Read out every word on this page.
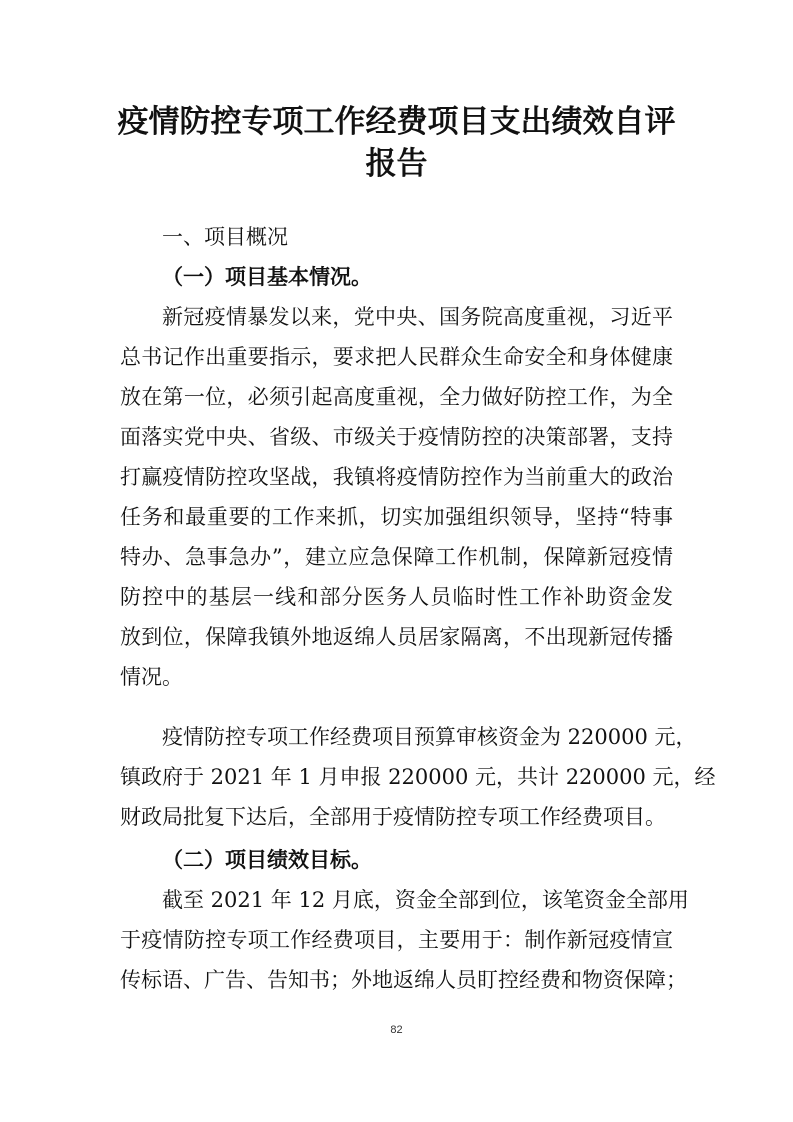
疫情防控专项工作经费项目支出绩效自评
报告

一、项目概况

（一）项目基本情况。

新冠疫情暴发以来，党中央、国务院高度重视，习近平

总书记作出重要指示，要求把人民群众生命安全和身体健康

放在第一位，必须引起高度重视，全力做好防控工作，为全

面落实党中央、省级、市级关于疫情防控的决策部署，支持

打赢疫情防控攻坚战，我镇将疫情防控作为当前重大的政治

任务和最重要的工作来抓，切实加强组织领导，坚持“特事

特办、急事急办”，建立应急保障工作机制，保障新冠疫情

防控中的基层一线和部分医务人员临时性工作补助资金发

放到位，保障我镇外地返绵人员居家隔离，不出现新冠传播

情况。

疫情防控专项工作经费项目预算审核资金为 220000 元，

镇政府于 2021 年 1 月申报 220000 元，共计 220000 元，经

财政局批复下达后，全部用于疫情防控专项工作经费项目。

（二）项目绩效目标。

截至 2021 年 12 月底，资金全部到位，该笔资金全部用

于疫情防控专项工作经费项目，主要用于：制作新冠疫情宣

传标语、广告、告知书；外地返绵人员盯控经费和物资保障；

82
